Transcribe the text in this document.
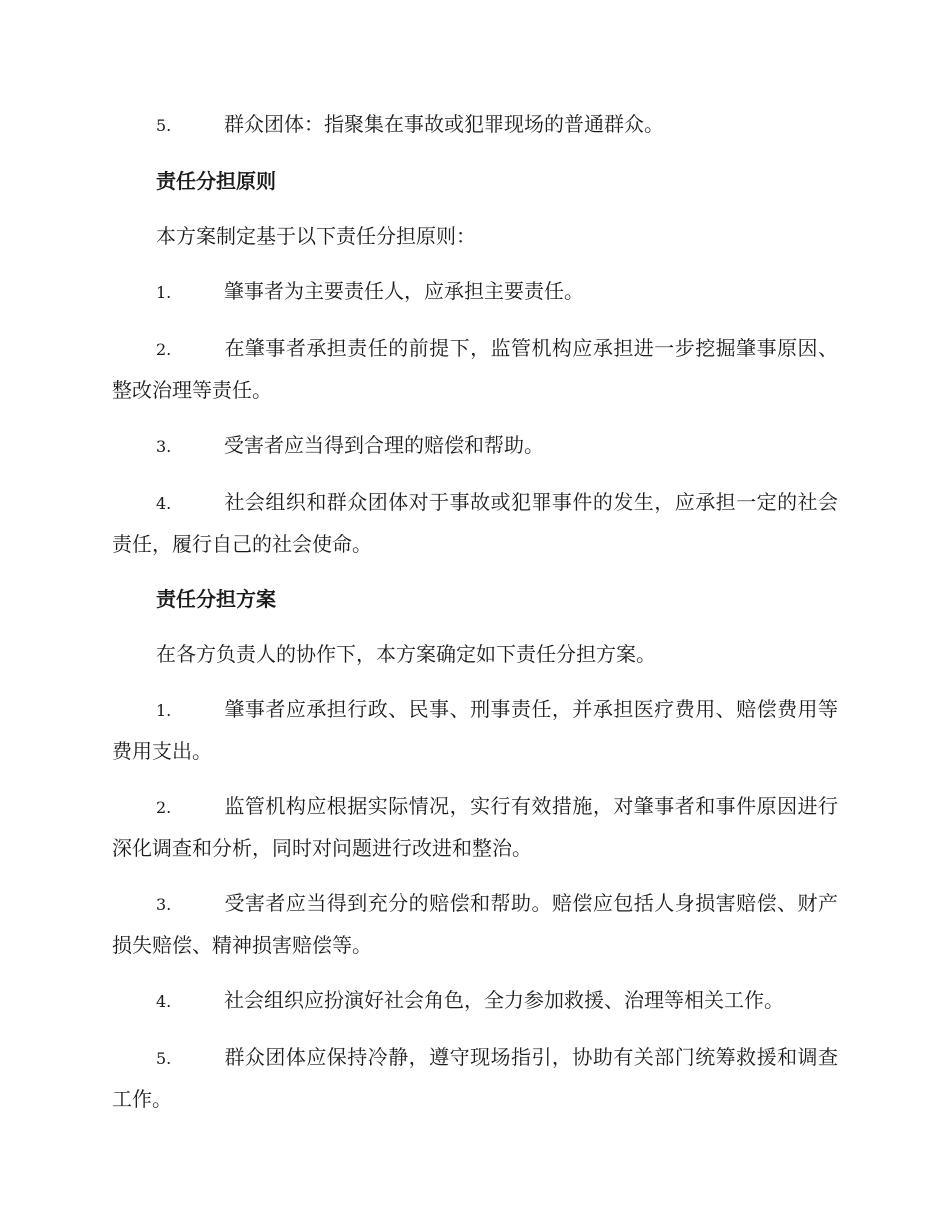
5.	群众团体：指聚集在事故或犯罪现场的普通群众。

责任分担原则

本方案制定基于以下责任分担原则：

1.	肇事者为主要责任人，应承担主要责任。

2.	在肇事者承担责任的前提下，监管机构应承担进一步挖掘肇事原因、整改治理等责任。

3.	受害者应当得到合理的赔偿和帮助。

4.	社会组织和群众团体对于事故或犯罪事件的发生，应承担一定的社会责任，履行自己的社会使命。

责任分担方案

在各方负责人的协作下，本方案确定如下责任分担方案。

1.	肇事者应承担行政、民事、刑事责任，并承担医疗费用、赔偿费用等费用支出。

2.	监管机构应根据实际情况，实行有效措施，对肇事者和事件原因进行深化调查和分析，同时对问题进行改进和整治。

3.	受害者应当得到充分的赔偿和帮助。赔偿应包括人身损害赔偿、财产损失赔偿、精神损害赔偿等。

4.	社会组织应扮演好社会角色，全力参加救援、治理等相关工作。

5.	群众团体应保持冷静，遵守现场指引，协助有关部门统筹救援和调查工作。
